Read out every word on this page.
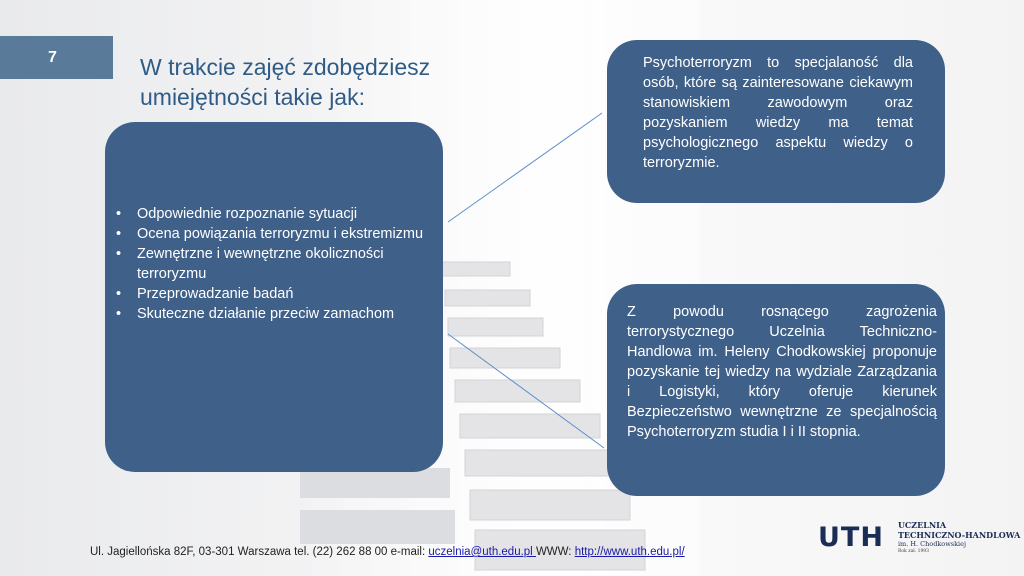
7	W trakcie zajęć zdobędziesz umiejętności takie jak:
• Odpowiednie rozpoznanie sytuacji
• Ocena powiązania terroryzmu i ekstremizmu
• Zewnętrzne i wewnętrzne okoliczności terroryzmu
• Przeprowadzanie badań
• Skuteczne działanie przeciw zamachom
Psychoterroryzm to specjalaność dla osób, które są zainteresowane ciekawym stanowiskiem zawodowym oraz pozyskaniem wiedzy ma temat psychologicznego aspektu wiedzy o terroryzmie.
Z powodu rosnącego zagrożenia terrorystycznego Uczelnia Techniczno-Handlowa im. Heleny Chodkowskiej proponuje pozyskanie tej wiedzy na wydziale Zarządzania i Logistyki, który oferuje kierunek Bezpieczeństwo wewnętrzne ze specjalnością Psychoterroryzm studia I i II stopnia.
Ul. Jagiellońska 82F, 03-301 Warszawa tel. (22) 262 88 00 e-mail: uczelnia@uth.edu.pl WWW: http://www.uth.edu.pl/	UTH UCZELNIA
TECHNICZNO-HANDLOWA
im. H. Chodkowskiej
Rok zał. 1993
